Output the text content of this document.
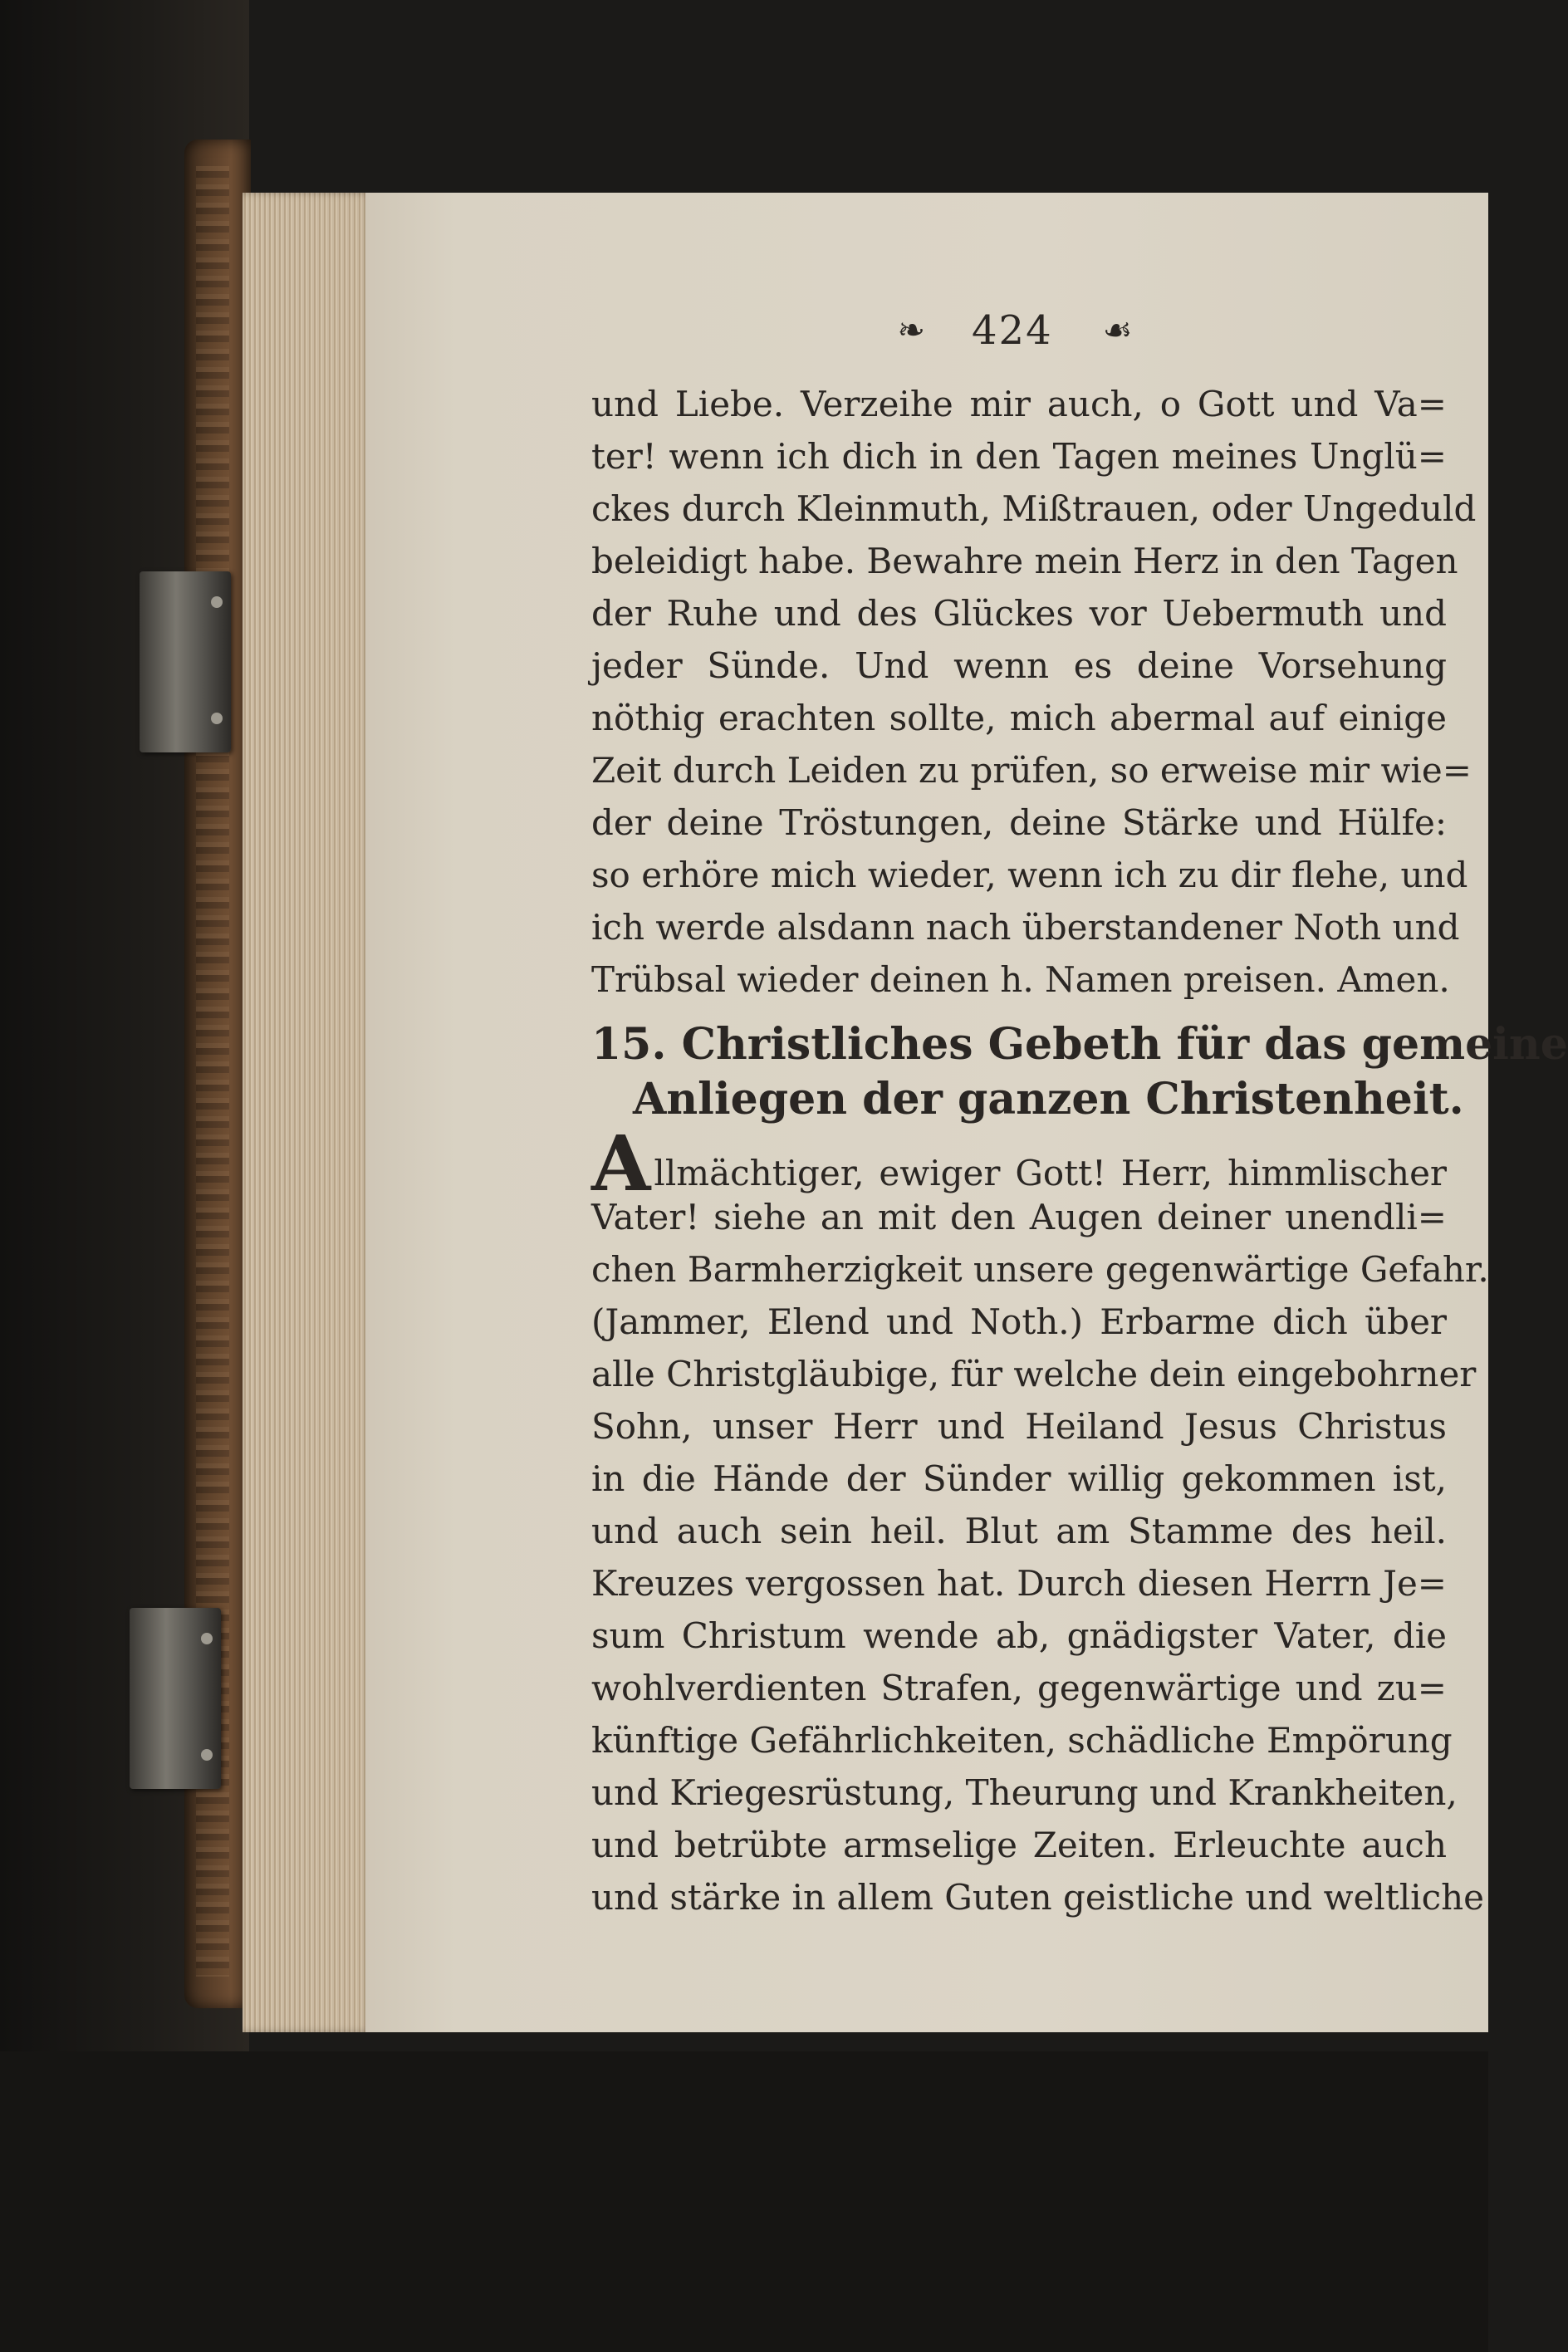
❧ 424 ☙
und Liebe. Verzeihe mir auch, o Gott und Va=
ter! wenn ich dich in den Tagen meines Unglü=
ckes durch Kleinmuth, Mißtrauen, oder Ungeduld
beleidigt habe. Bewahre mein Herz in den Tagen
der Ruhe und des Glückes vor Uebermuth und
jeder Sünde. Und wenn es deine Vorsehung
nöthig erachten sollte, mich abermal auf einige
Zeit durch Leiden zu prüfen, so erweise mir wie=
der deine Tröstungen, deine Stärke und Hülfe:
so erhöre mich wieder, wenn ich zu dir flehe, und
ich werde alsdann nach überstandener Noth und
Trübsal wieder deinen h. Namen preisen. Amen.
15. Christliches Gebeth für das gemeine
Anliegen der ganzen Christenheit.
Allmächtiger, ewiger Gott! Herr, himmlischer
Vater! siehe an mit den Augen deiner unendli=
chen Barmherzigkeit unsere gegenwärtige Gefahr.
(Jammer, Elend und Noth.) Erbarme dich über
alle Christgläubige, für welche dein eingebohrner
Sohn, unser Herr und Heiland Jesus Christus
in die Hände der Sünder willig gekommen ist,
und auch sein heil. Blut am Stamme des heil.
Kreuzes vergossen hat. Durch diesen Herrn Je=
sum Christum wende ab, gnädigster Vater, die
wohlverdienten Strafen, gegenwärtige und zu=
künftige Gefährlichkeiten, schädliche Empörung
und Kriegesrüstung, Theurung und Krankheiten,
und betrübte armselige Zeiten. Erleuchte auch
und stärke in allem Guten geistliche und weltliche
